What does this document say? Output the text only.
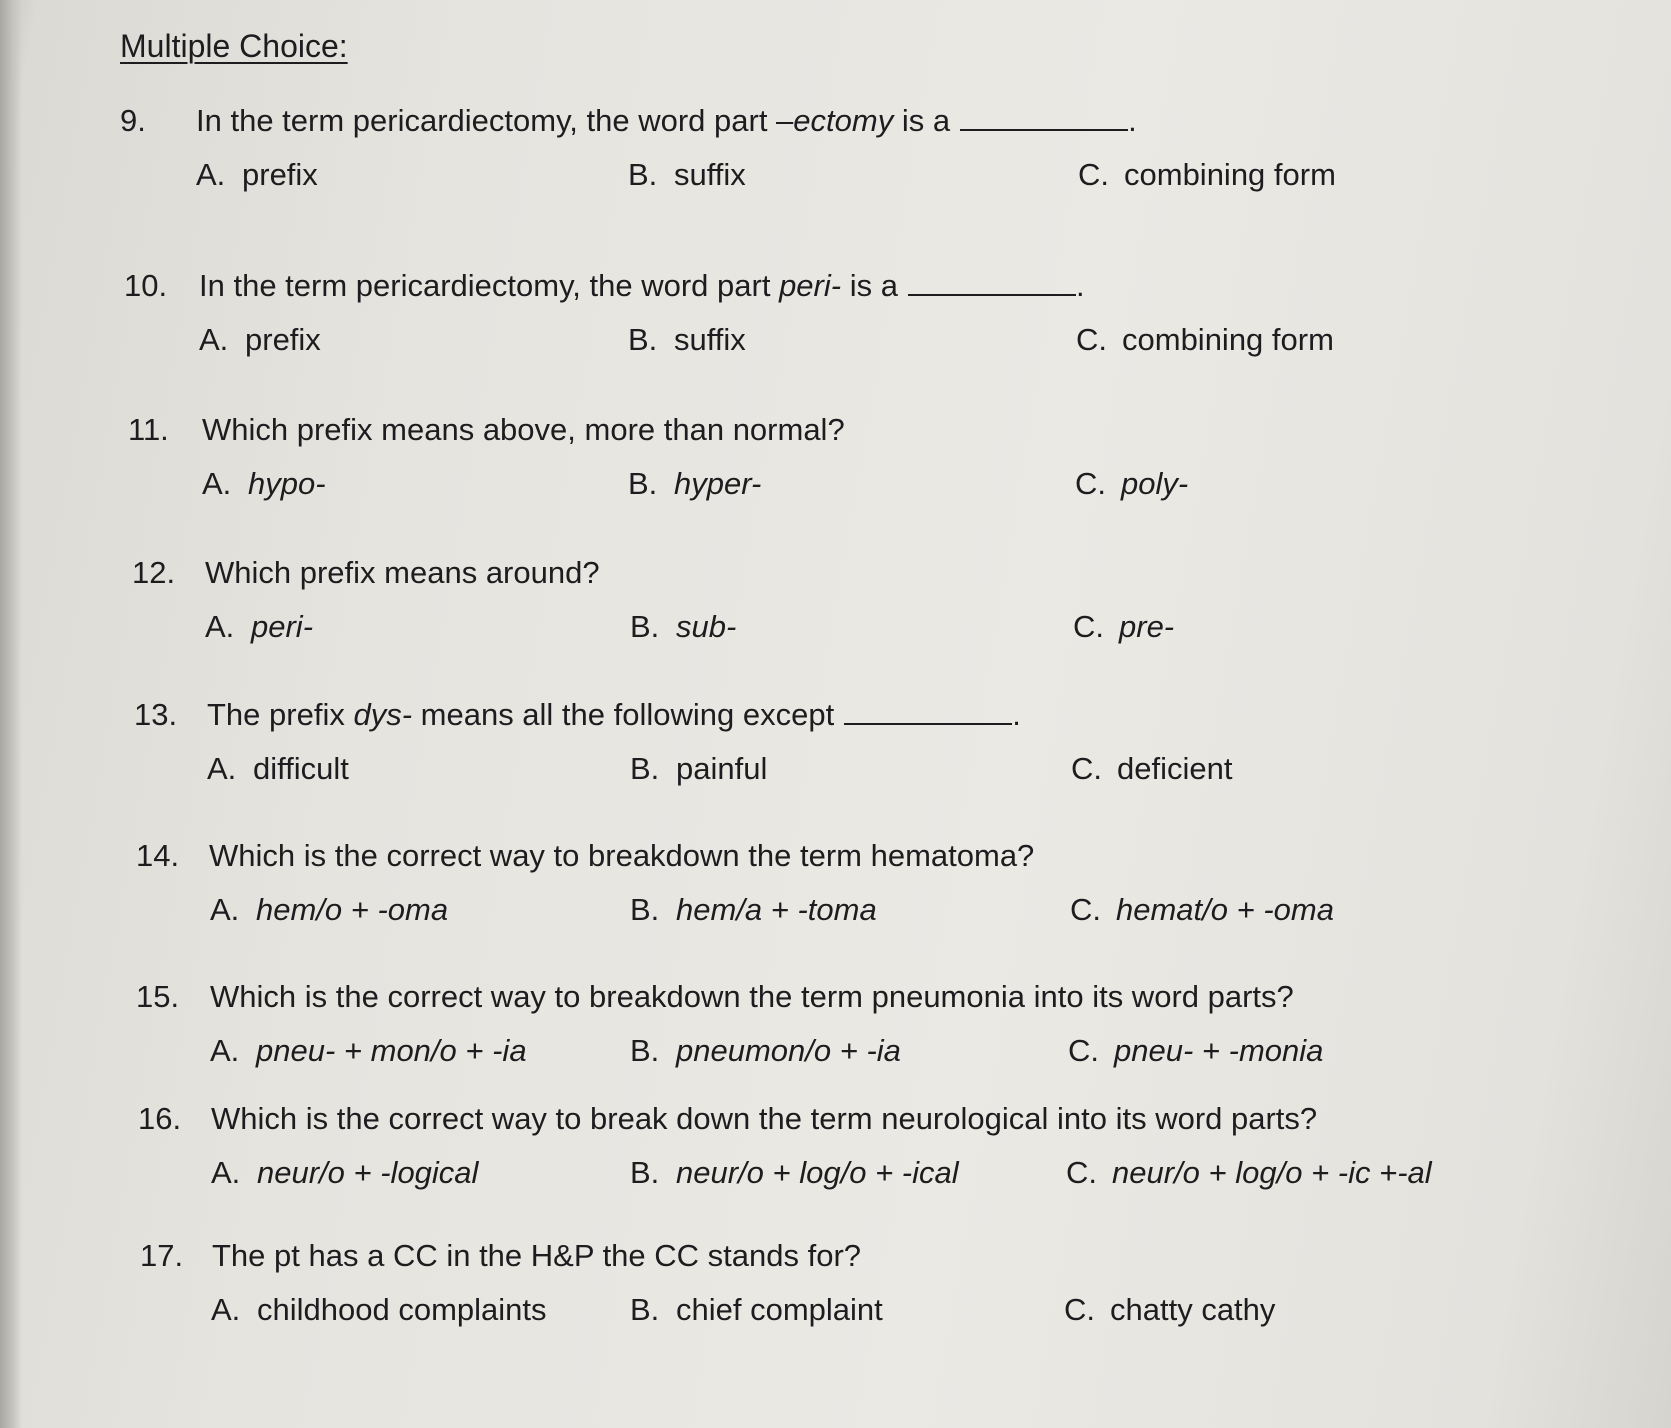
Multiple Choice:
9. In the term pericardiectomy, the word part –ectomy is a	.
A. prefix	B. suffix	C. combining form
10. In the term pericardiectomy, the word part peri- is a	.
A. prefix	B. suffix	C. combining form
11. Which prefix means above, more than normal?
A. hypo-	B. hyper-	C. poly-
12. Which prefix means around?
A. peri-	B. sub-	C. pre-
13. The prefix dys- means all the following except	.
A. difficult	B. painful	C. deficient
14. Which is the correct way to breakdown the term hematoma?
A. hem/o + -oma	B. hem/a + -toma	C. hemat/o + -oma
15. Which is the correct way to breakdown the term pneumonia into its word parts?
A. pneu- + mon/o + -ia	B. pneumon/o + -ia	C. pneu- + -monia
16. Which is the correct way to break down the term neurological into its word parts?
A. neur/o + -logical	B. neur/o + log/o + -ical	C. neur/o + log/o + -ic +-al
17. The pt has a CC in the H&P the CC stands for?
A. childhood complaints	B. chief complaint	C. chatty cathy
